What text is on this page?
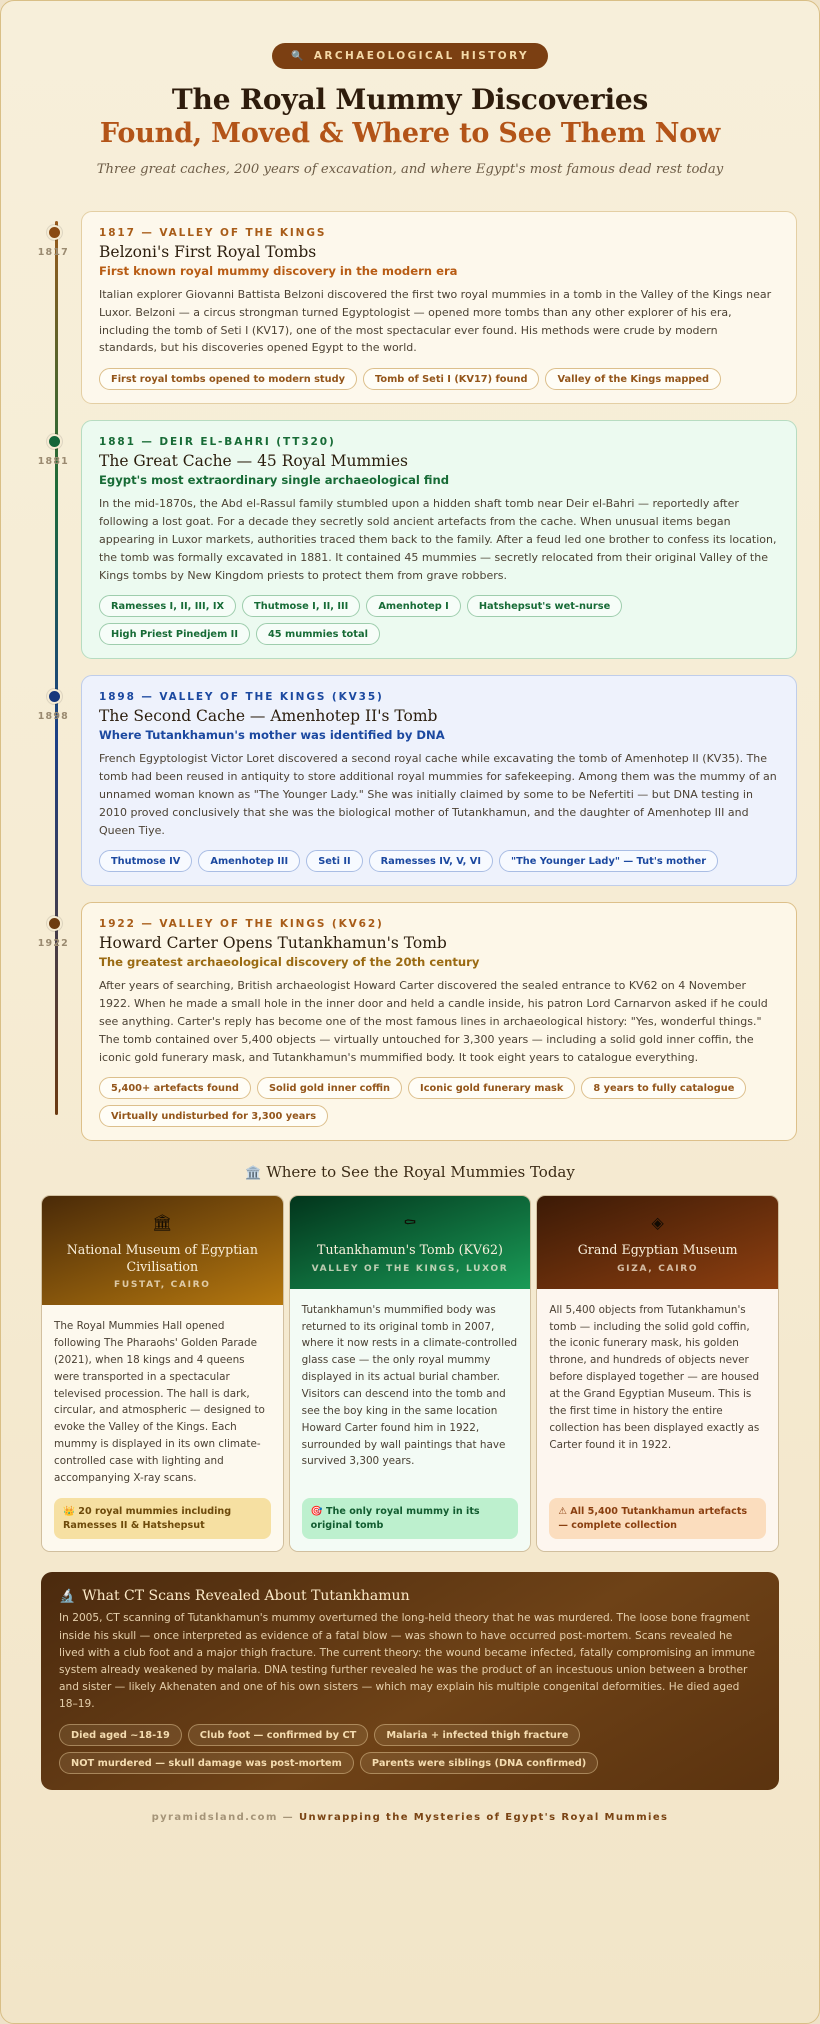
🔍 ARCHAEOLOGICAL HISTORY
The Royal Mummy Discoveries
Found, Moved & Where to See Them Now
Three great caches, 200 years of excavation, and where Egypt's most famous dead rest today
1817
1817 — VALLEY OF THE KINGS
Belzoni's First Royal Tombs
First known royal mummy discovery in the modern era
Italian explorer Giovanni Battista Belzoni discovered the first two royal mummies in a tomb in the Valley of the Kings near Luxor. Belzoni — a circus strongman turned Egyptologist — opened more tombs than any other explorer of his era, including the tomb of Seti I (KV17), one of the most spectacular ever found. His methods were crude by modern standards, but his discoveries opened Egypt to the world.
First royal tombs opened to modern study	Tomb of Seti I (KV17) found	Valley of the Kings mapped
1881
1881 — DEIR EL-BAHRI (TT320)
The Great Cache — 45 Royal Mummies
Egypt's most extraordinary single archaeological find
In the mid-1870s, the Abd el-Rassul family stumbled upon a hidden shaft tomb near Deir el-Bahri — reportedly after following a lost goat. For a decade they secretly sold ancient artefacts from the cache. When unusual items began appearing in Luxor markets, authorities traced them back to the family. After a feud led one brother to confess its location, the tomb was formally excavated in 1881. It contained 45 mummies — secretly relocated from their original Valley of the Kings tombs by New Kingdom priests to protect them from grave robbers.
Ramesses I, II, III, IX	Thutmose I, II, III	Amenhotep I	Hatshepsut's wet-nurse
High Priest Pinedjem II	45 mummies total
1898
1898 — VALLEY OF THE KINGS (KV35)
The Second Cache — Amenhotep II's Tomb
Where Tutankhamun's mother was identified by DNA
French Egyptologist Victor Loret discovered a second royal cache while excavating the tomb of Amenhotep II (KV35). The tomb had been reused in antiquity to store additional royal mummies for safekeeping. Among them was the mummy of an unnamed woman known as "The Younger Lady." She was initially claimed by some to be Nefertiti — but DNA testing in 2010 proved conclusively that she was the biological mother of Tutankhamun, and the daughter of Amenhotep III and Queen Tiye.
Thutmose IV	Amenhotep III	Seti II	Ramesses IV, V, VI	"The Younger Lady" — Tut's mother
1922
1922 — VALLEY OF THE KINGS (KV62)
Howard Carter Opens Tutankhamun's Tomb
The greatest archaeological discovery of the 20th century
After years of searching, British archaeologist Howard Carter discovered the sealed entrance to KV62 on 4 November 1922. When he made a small hole in the inner door and held a candle inside, his patron Lord Carnarvon asked if he could see anything. Carter's reply has become one of the most famous lines in archaeological history: "Yes, wonderful things." The tomb contained over 5,400 objects — virtually untouched for 3,300 years — including a solid gold inner coffin, the iconic gold funerary mask, and Tutankhamun's mummified body. It took eight years to catalogue everything.
5,400+ artefacts found	Solid gold inner coffin	Iconic gold funerary mask	8 years to fully catalogue
Virtually undisturbed for 3,300 years
🏛️ Where to See the Royal Mummies Today
🏛
National Museum of Egyptian Civilisation
FUSTAT, CAIRO
The Royal Mummies Hall opened following The Pharaohs' Golden Parade (2021), when 18 kings and 4 queens were transported in a spectacular televised procession. The hall is dark, circular, and atmospheric — designed to evoke the Valley of the Kings. Each mummy is displayed in its own climate-controlled case with lighting and accompanying X-ray scans.
👑 20 royal mummies including Ramesses II & Hatshepsut
⚰
Tutankhamun's Tomb (KV62)
VALLEY OF THE KINGS, LUXOR
Tutankhamun's mummified body was returned to its original tomb in 2007, where it now rests in a climate-controlled glass case — the only royal mummy displayed in its actual burial chamber. Visitors can descend into the tomb and see the boy king in the same location Howard Carter found him in 1922, surrounded by wall paintings that have survived 3,300 years.
🎯 The only royal mummy in its original tomb
◈
Grand Egyptian Museum
GIZA, CAIRO
All 5,400 objects from Tutankhamun's tomb — including the solid gold coffin, the iconic funerary mask, his golden throne, and hundreds of objects never before displayed together — are housed at the Grand Egyptian Museum. This is the first time in history the entire collection has been displayed exactly as Carter found it in 1922.
⚠ All 5,400 Tutankhamun artefacts — complete collection
🔬 What CT Scans Revealed About Tutankhamun
In 2005, CT scanning of Tutankhamun's mummy overturned the long-held theory that he was murdered. The loose bone fragment inside his skull — once interpreted as evidence of a fatal blow — was shown to have occurred post-mortem. Scans revealed he lived with a club foot and a major thigh fracture. The current theory: the wound became infected, fatally compromising an immune system already weakened by malaria. DNA testing further revealed he was the product of an incestuous union between a brother and sister — likely Akhenaten and one of his own sisters — which may explain his multiple congenital deformities. He died aged 18–19.
Died aged ~18-19	Club foot — confirmed by CT	Malaria + infected thigh fracture
NOT murdered — skull damage was post-mortem	Parents were siblings (DNA confirmed)
pyramidsland.com — Unwrapping the Mysteries of Egypt's Royal Mummies
